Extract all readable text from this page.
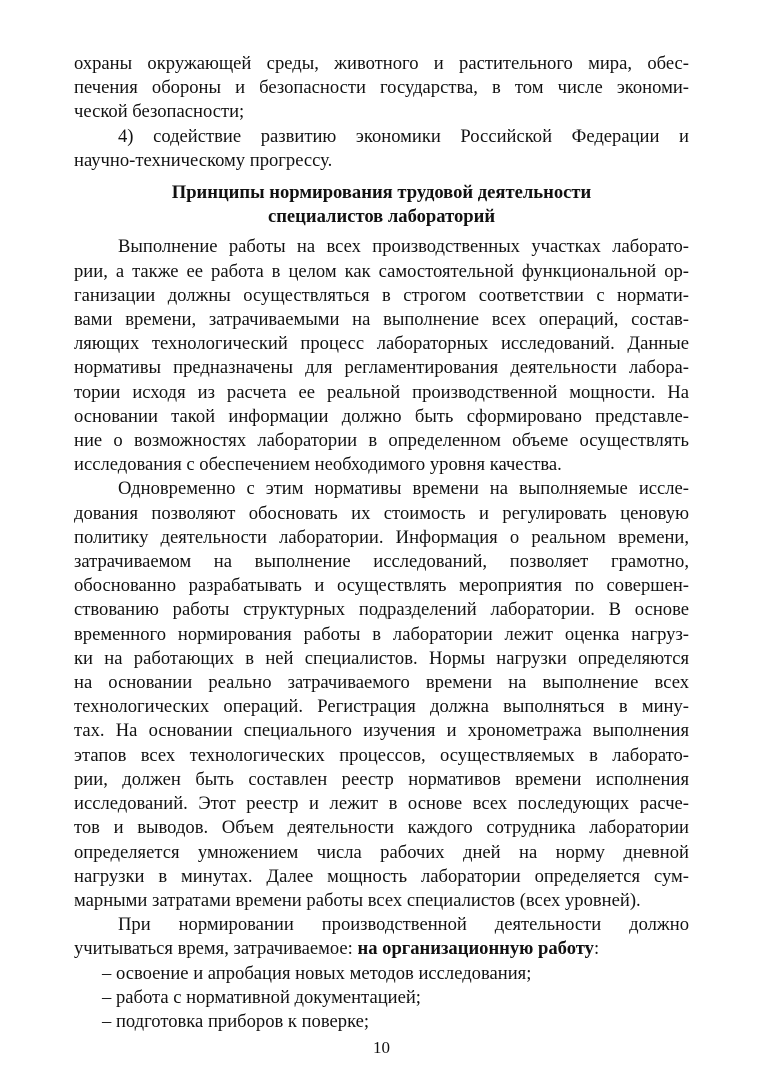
охраны окружающей среды, животного и растительного мира, обес-
печения обороны и безопасности государства, в том числе экономи-
ческой безопасности;
4) содействие развитию экономики Российской Федерации и
научно-техническому прогрессу.
Принципы нормирования трудовой деятельности
специалистов лабораторий
Выполнение работы на всех производственных участках лаборато-
рии, а также ее работа в целом как самостоятельной функциональной ор-
ганизации должны осуществляться в строгом соответствии с нормати-
вами времени, затрачиваемыми на выполнение всех операций, состав-
ляющих технологический процесс лабораторных исследований. Данные
нормативы предназначены для регламентирования деятельности лабора-
тории исходя из расчета ее реальной производственной мощности. На
основании такой информации должно быть сформировано представле-
ние о возможностях лаборатории в определенном объеме осуществлять
исследования с обеспечением необходимого уровня качества.
Одновременно с этим нормативы времени на выполняемые иссле-
дования позволяют обосновать их стоимость и регулировать ценовую
политику деятельности лаборатории. Информация о реальном времени,
затрачиваемом на выполнение исследований, позволяет грамотно,
обоснованно разрабатывать и осуществлять мероприятия по совершен-
ствованию работы структурных подразделений лаборатории. В основе
временного нормирования работы в лаборатории лежит оценка нагруз-
ки на работающих в ней специалистов. Нормы нагрузки определяются
на основании реально затрачиваемого времени на выполнение всех
технологических операций. Регистрация должна выполняться в мину-
тах. На основании специального изучения и хронометража выполнения
этапов всех технологических процессов, осуществляемых в лаборато-
рии, должен быть составлен реестр нормативов времени исполнения
исследований. Этот реестр и лежит в основе всех последующих расче-
тов и выводов. Объем деятельности каждого сотрудника лаборатории
определяется умножением числа рабочих дней на норму дневной
нагрузки в минутах. Далее мощность лаборатории определяется сум-
марными затратами времени работы всех специалистов (всех уровней).
При нормировании производственной деятельности должно
учитываться время, затрачиваемое: на организационную работу:
– освоение и апробация новых методов исследования;
– работа с нормативной документацией;
– подготовка приборов к поверке;
10
